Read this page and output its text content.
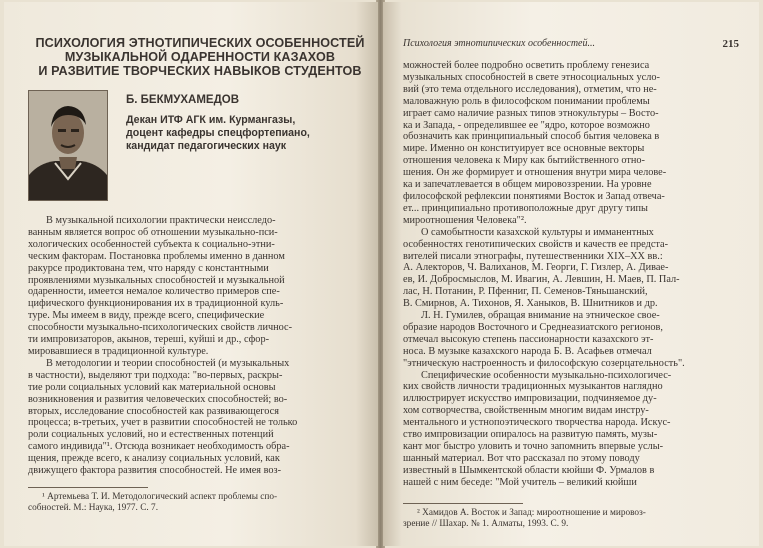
ПСИХОЛОГИЯ ЭТНОТИПИЧЕСКИХ ОСОБЕННОСТЕЙ
МУЗЫКАЛЬНОЙ ОДАРЕННОСТИ КАЗАХОВ
И РАЗВИТИЕ ТВОРЧЕСКИХ НАВЫКОВ СТУДЕНТОВ
Б. БЕКМУХАМЕДОВ
Декан ИТФ АГК им. Курмангазы,
доцент кафедры спецфортепиано,
кандидат педагогических наук
В музыкальной психологии практически неисследо-
ванным является вопрос об отношении музыкально-пси-
хологических особенностей субъекта к социально-этни-
ческим факторам. Постановка проблемы именно в данном
ракурсе продиктована тем, что наряду с константными
проявлениями музыкальных способностей и музыкальной
одаренности, имеется немалое количество примеров спе-
цифического функционирования их в традиционной куль-
туре. Мы имеем в виду, прежде всего, специфические
способности музыкально-психологических свойств личнос-
ти импровизаторов, акынов, терешi, куйшi и др., сфор-
мировавшиеся в традиционной культуре.
В методологии и теории способностей (и музыкальных
в частности), выделяют три подхода: "во-первых, раскры-
тие роли социальных условий как материальной основы
возникновения и развития человеческих способностей; во-
вторых, исследование способностей как развивающегося
процесса; в-третьих, учет в развитии способностей не только
роли социальных условий, но и естественных потенций
самого индивида"¹. Отсюда возникает необходимость обра-
щения, прежде всего, к анализу социальных условий, как
движущего фактора развития способностей. Не имея воз-
¹ Артемьева Т. И. Методологический аспект проблемы спо-
собностей. М.: Наука, 1977. С. 7.
Психология этнотипических особенностей...	215
можностей более подробно осветить проблему генезиса
музыкальных способностей в свете этносоциальных усло-
вий (это тема отдельного исследования), отметим, что не-
маловажную роль в философском понимании проблемы
играет само наличие разных типов этнокультуры – Восто-
ка и Запада, - определившее ее "ядро, которое возможно
обозначить как принципиальный способ бытия человека в
мире. Именно он конституирует все основные векторы
отношения человека к Миру как бытийственного отно-
шения. Он же формирует и отношения внутри мира челове-
ка и запечатлевается в общем мировоззрении. На уровне
философской рефлексии понятиями Восток и Запад отвеча-
ет... принципиально противоположные друг другу типы
мироотношения Человека"².
О самобытности казахской культуры и имманентных
особенностях генотипических свойств и качеств ее предста-
вителей писали этнографы, путешественники XIX–XX вв.:
А. Алекторов, Ч. Валиханов, М. Георги, Г. Гизлер, А. Дивае-
ев, И. Добросмыслов, М. Ивагин, А. Левшин, Н. Маев, П. Пал-
лас, Н. Потанин, Р. Пфенниг, П. Семенов-Тяньшанский,
В. Смирнов, А. Тихонов, Я. Ханыков, В. Шнитников и др.
Л. Н. Гумилев, обращая внимание на этническое свое-
образие народов Восточного и Среднеазиатского регионов,
отмечал высокую степень пассионарности казахского эт-
носа. В музыке казахского народа Б. В. Асафьев отмечал
"этническую настроенность и философскую созерцательность".
Специфические особенности музыкально-психологичес-
ких свойств личности традиционных музыкантов наглядно
иллюстрирует искусство импровизации, подчиняемое ду-
хом сотворчества, свойственным многим видам инстру-
ментального и устнопоэтического творчества народа. Искус-
ство импровизации опиралось на развитую память, музы-
кант мог быстро уловить и точно запомнить впервые услы-
шанный материал. Вот что рассказал по этому поводу
известный в Шымкентской области кюйши Ф. Урмалов в
нашей с ним беседе: "Мой учитель – великий кюйши
² Хамидов А. Восток и Запад: мироотношение и мировоз-
зрение // Шахар. № 1. Алматы, 1993. С. 9.
